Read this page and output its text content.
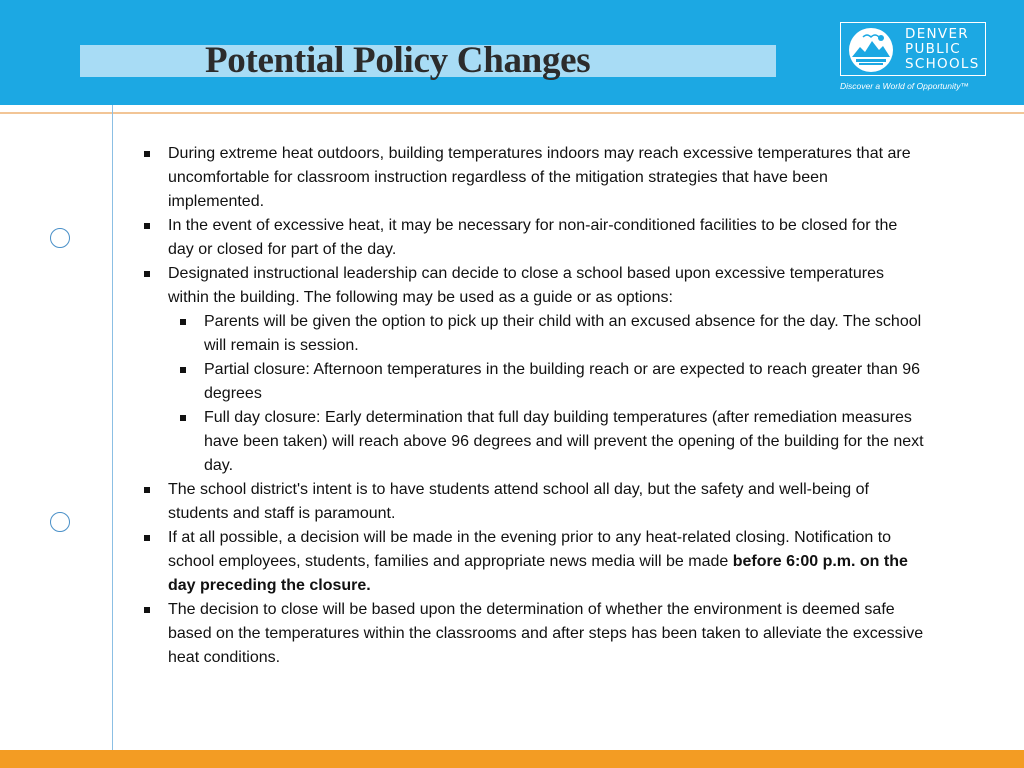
Potential Policy Changes
DENVER
PUBLIC
SCHOOLS
Discover a World of Opportunity™
During extreme heat outdoors, building temperatures indoors may reach excessive temperatures that are uncomfortable for classroom instruction regardless of the mitigation strategies that have been implemented.
In the event of excessive heat, it may be necessary for non-air-conditioned facilities to be closed for the day or closed for part of the day.
Designated instructional leadership can decide to close a school based upon excessive temperatures within the building. The following may be used as a guide or as options:
Parents will be given the option to pick up their child with an excused absence for the day. The school will remain is session.
Partial closure: Afternoon temperatures in the building reach or are expected to reach greater than 96 degrees
Full day closure: Early determination that full day building temperatures (after remediation measures have been taken) will reach above 96 degrees and will prevent the opening of the building for the next day.
The school district's intent is to have students attend school all day, but the safety and well-being of students and staff is paramount.
If at all possible, a decision will be made in the evening prior to any heat-related closing. Notification to school employees, students, families and appropriate news media will be made before 6:00 p.m. on the day preceding the closure.
The decision to close will be based upon the determination of whether the environment is deemed safe based on the temperatures within the classrooms and after steps has been taken to alleviate the excessive heat conditions.
